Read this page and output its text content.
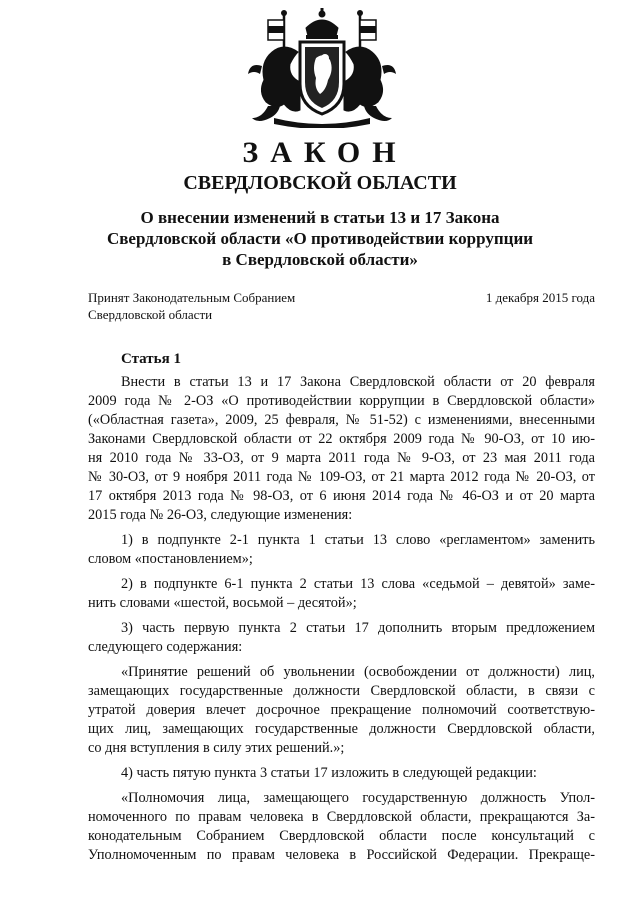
ЗАКОН
СВЕРДЛОВСКОЙ ОБЛАСТИ
О внесении изменений в статьи 13 и 17 Закона
Свердловской области «О противодействии коррупции
в Свердловской области»
Принят Законодательным Собранием
Свердловской области
1 декабря 2015 года
Статья 1
Внести в статьи 13 и 17 Закона Свердловской области от 20 февраля
2009 года № 2-ОЗ «О противодействии коррупции в Свердловской области»
(«Областная газета», 2009, 25 февраля, № 51-52) с изменениями, внесенными
Законами Свердловской области от 22 октября 2009 года № 90-ОЗ, от 10 ию-
ня 2010 года № 33-ОЗ, от 9 марта 2011 года № 9-ОЗ, от 23 мая 2011 года
№ 30-ОЗ, от 9 ноября 2011 года № 109-ОЗ, от 21 марта 2012 года № 20-ОЗ, от
17 октября 2013 года № 98-ОЗ, от 6 июня 2014 года № 46-ОЗ и от 20 марта
2015 года № 26-ОЗ, следующие изменения:
1) в подпункте 2-1 пункта 1 статьи 13 слово «регламентом» заменить
словом «постановлением»;
2) в подпункте 6-1 пункта 2 статьи 13 слова «седьмой – девятой» заме-
нить словами «шестой, восьмой – десятой»;
3) часть первую пункта 2 статьи 17 дополнить вторым предложением
следующего содержания:
«Принятие решений об увольнении (освобождении от должности) лиц,
замещающих государственные должности Свердловской области, в связи с
утратой доверия влечет досрочное прекращение полномочий соответствую-
щих лиц, замещающих государственные должности Свердловской области,
со дня вступления в силу этих решений.»;
4) часть пятую пункта 3 статьи 17 изложить в следующей редакции:
«Полномочия лица, замещающего государственную должность Упол-
номоченного по правам человека в Свердловской области, прекращаются За-
конодательным Собранием Свердловской области после консультаций с
Уполномоченным по правам человека в Российской Федерации. Прекраще-
